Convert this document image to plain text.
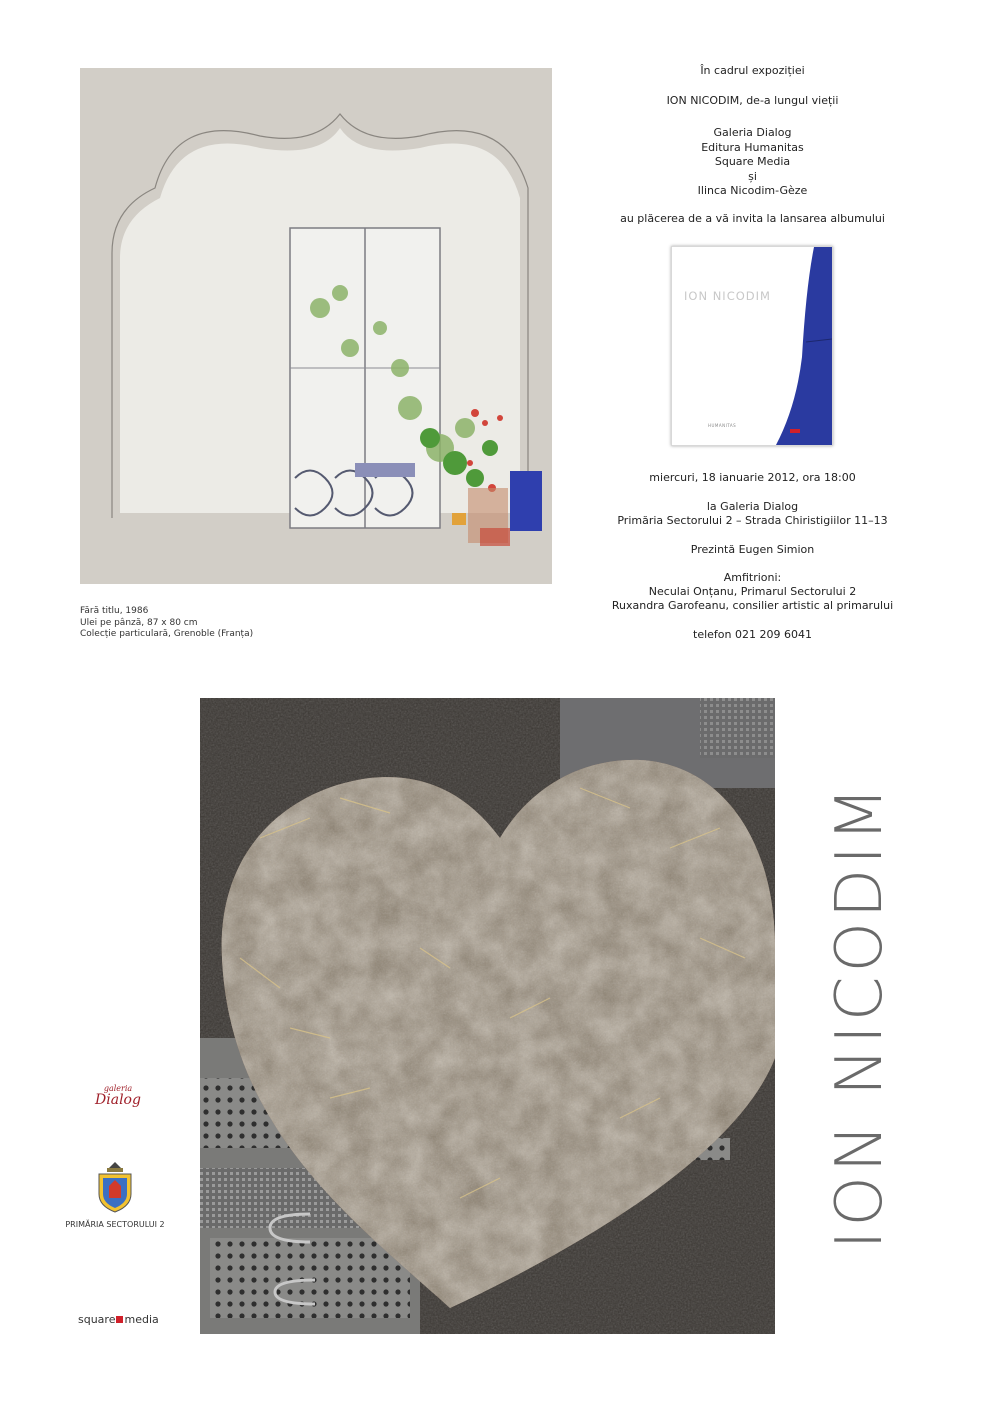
Fără titlu, 1986
Ulei pe pânză, 87 x 80 cm
Colecție particulară, Grenoble (Franța)
În cadrul expoziției
ION NICODIM, de-a lungul vieții
Galeria Dialog
Editura Humanitas
Square Media
și
Ilinca Nicodim-Gèze
au plăcerea de a vă invita la lansarea albumului
ION NICODIM
HUMANITAS
miercuri, 18 ianuarie 2012, ora 18:00
la Galeria Dialog
Primăria Sectorului 2 – Strada Chiristigiilor 11–13
Prezintă Eugen Simion
Amfitrioni:
Neculai Onțanu, Primarul Sectorului 2
Ruxandra Garofeanu, consilier artistic al primarului
telefon 021 209 6041
ION NICODIM
galeria
Dialog
PRIMĂRIA SECTORULUI 2
square media
